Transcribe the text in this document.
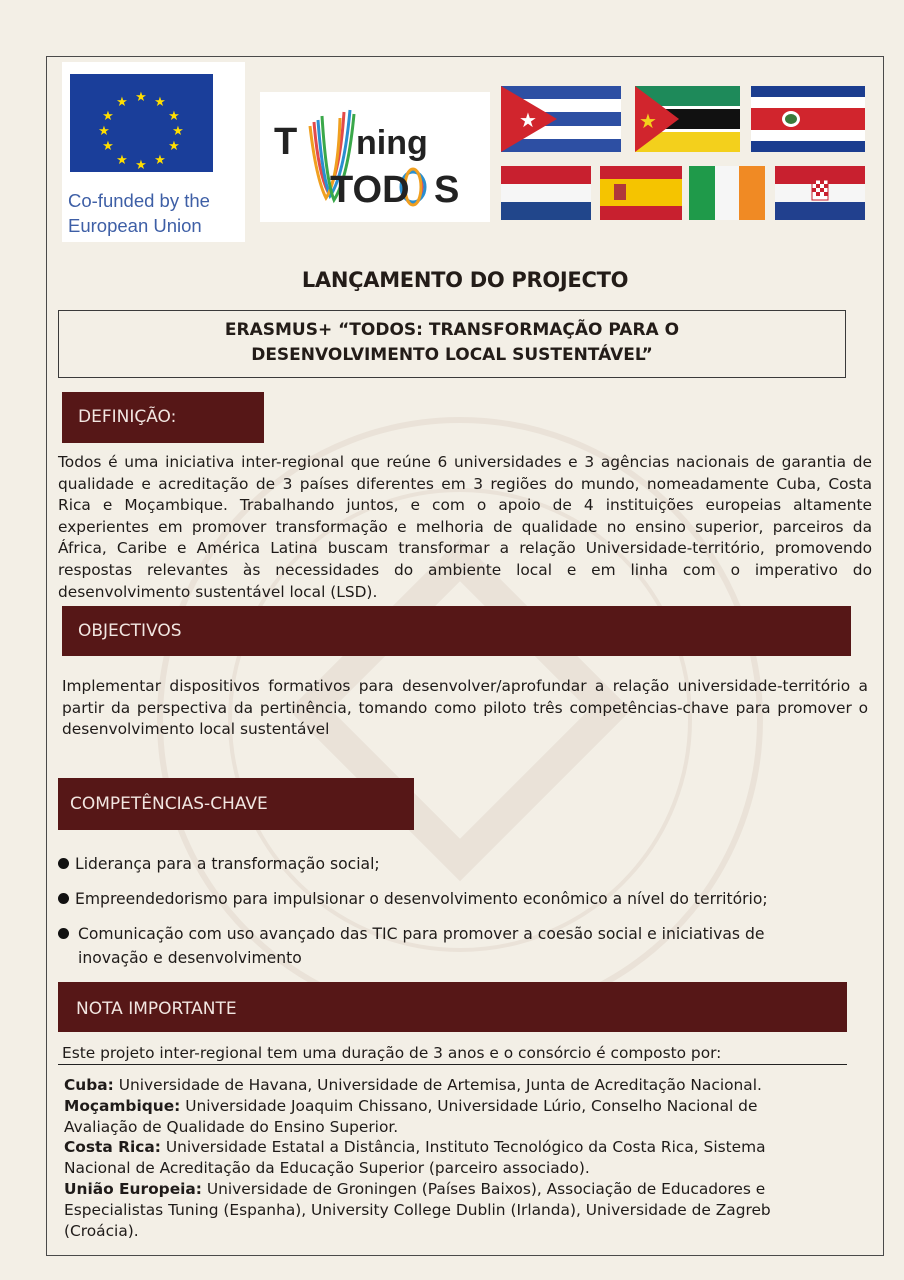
★ ★
★
★
★
★
★
★
★
★
★
★
Co-funded by the
European Union
T ning
TOD S
★	★
LANÇAMENTO DO PROJECTO
ERASMUS+ “TODOS: TRANSFORMAÇÃO PARA O
DESENVOLVIMENTO LOCAL SUSTENTÁVEL”
DEFINIÇÃO:
Todos é uma iniciativa inter-regional que reúne 6 universidades e 3 agências nacionais de garantia de qualidade e acreditação de 3 países diferentes em 3 regiões do mundo, nomeadamente Cuba, Costa Rica e Moçambique. Trabalhando juntos, e com o apoio de 4 instituições europeias altamente experientes em promover transformação e melhoria de qualidade no ensino superior, parceiros da África, Caribe e América Latina buscam transformar a relação Universidade-território, promovendo respostas relevantes às necessidades do ambiente local e em linha com o imperativo do desenvolvimento sustentável local (LSD).
OBJECTIVOS
Implementar dispositivos formativos para desenvolver/aprofundar a relação universidade-território a partir da perspectiva da pertinência, tomando como piloto três competências-chave para promover o desenvolvimento local sustentável
COMPETÊNCIAS-CHAVE
Liderança para a transformação social;
Empreendedorismo para impulsionar o desenvolvimento econômico a nível do território;
Comunicação com uso avançado das TIC para promover a coesão social e iniciativas de
inovação e desenvolvimento
NOTA IMPORTANTE
Este projeto inter-regional tem uma duração de 3 anos e o consórcio é composto por:
Cuba: Universidade de Havana, Universidade de Artemisa, Junta de Acreditação Nacional.
Moçambique: Universidade Joaquim Chissano, Universidade Lúrio, Conselho Nacional de Avaliação de Qualidade do Ensino Superior.
Costa Rica: Universidade Estatal a Distância, Instituto Tecnológico da Costa Rica, Sistema Nacional de Acreditação da Educação Superior (parceiro associado).
União Europeia: Universidade de Groningen (Países Baixos), Associação de Educadores e Especialistas Tuning (Espanha), University College Dublin (Irlanda), Universidade de Zagreb (Croácia).
